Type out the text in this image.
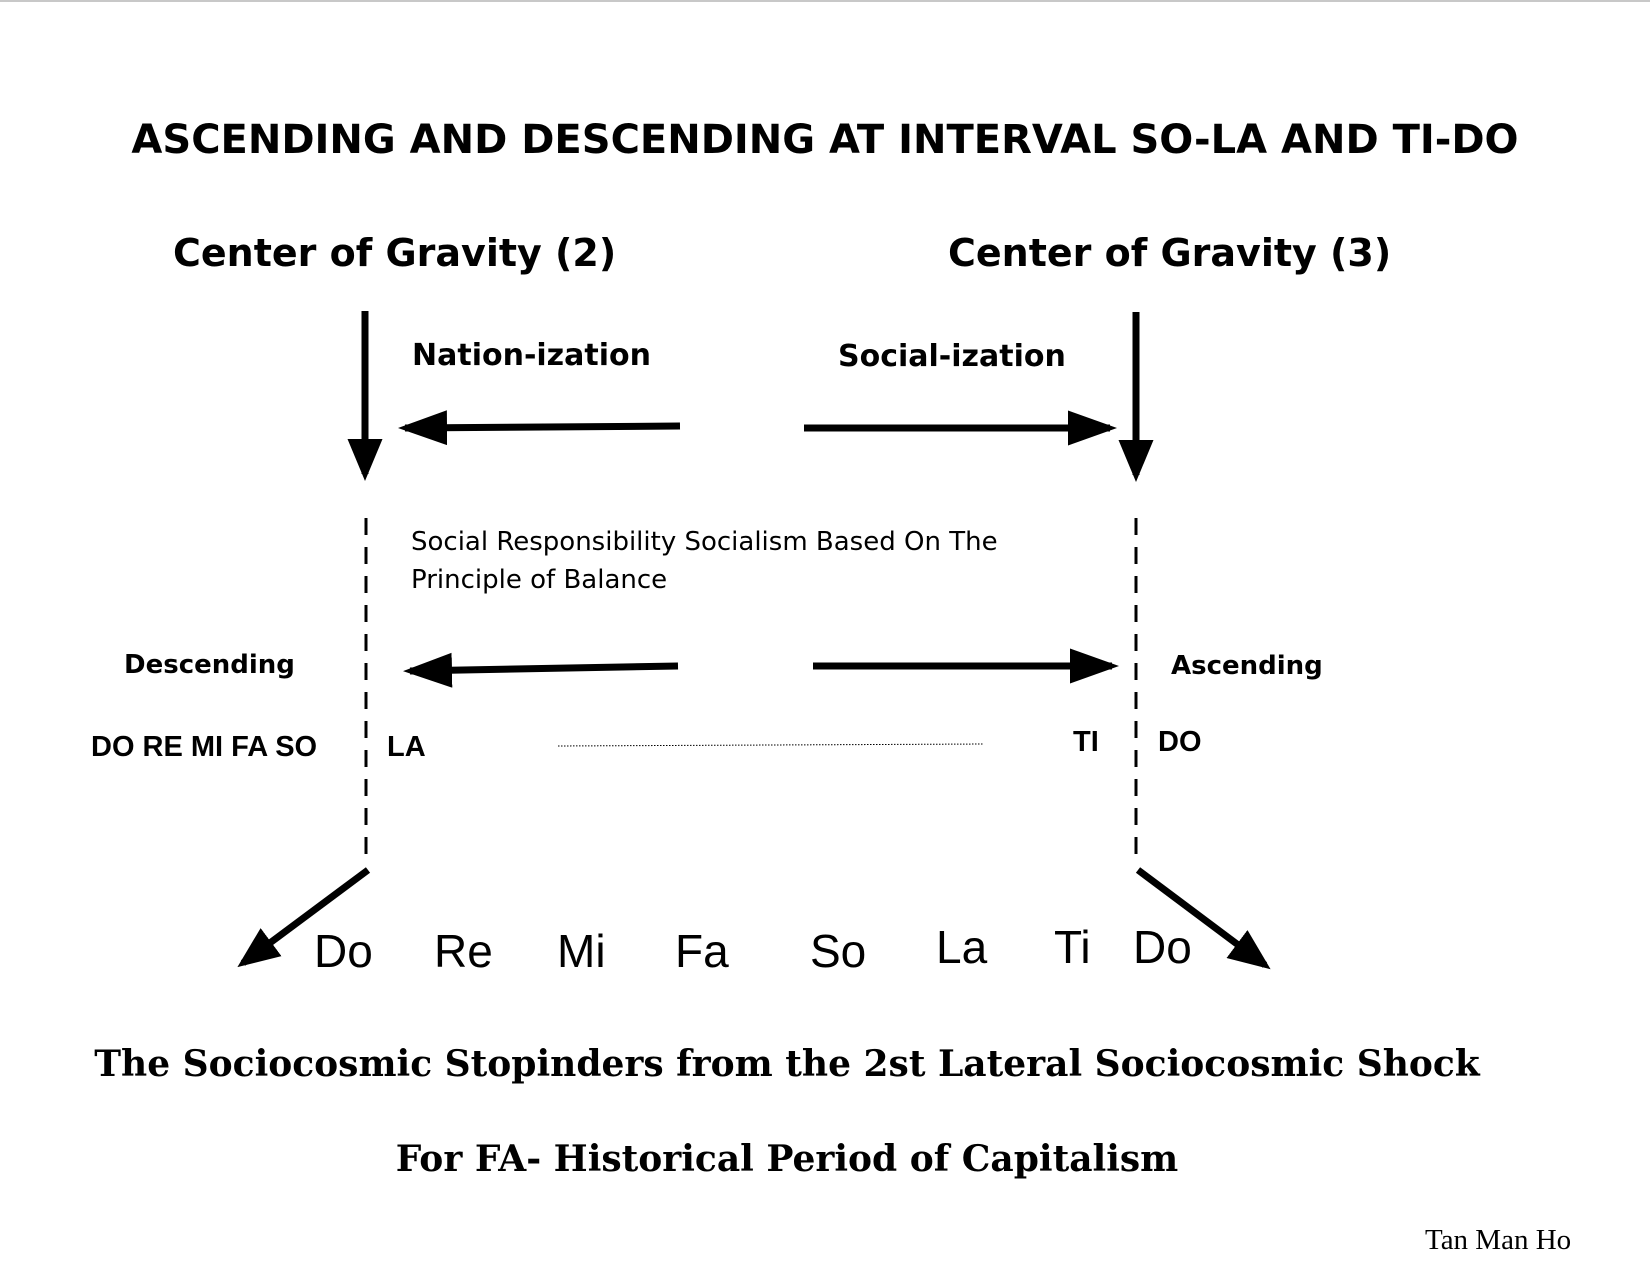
ASCENDING AND DESCENDING AT INTERVAL SO-LA AND TI-DO
Center of Gravity (2)	Center of Gravity (3)
Nation-ization	Social-ization
Social Responsibility Socialism Based On The
Principle of Balance
Descending	Ascending
DO RE MI FA SO LA	TI DO
Do Re Mi Fa So La Ti Do
The Sociocosmic Stopinders from the 2st Lateral Sociocosmic Shock
For FA- Historical Period of Capitalism
Tan Man Ho
